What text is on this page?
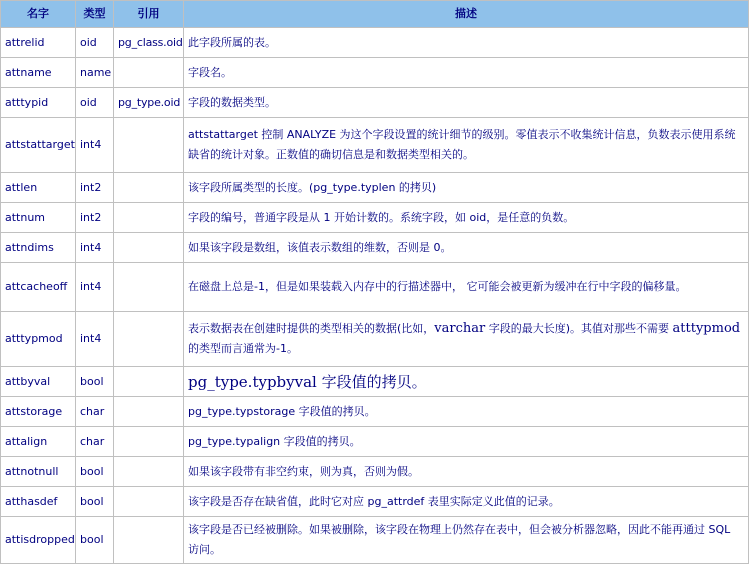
名字	类型	引用	描述
attrelid	oid	pg_class.oid	此字段所属的表。
attname	name		字段名。
atttypid	oid	pg_type.oid	字段的数据类型。
attstattarget	int4		attstattarget 控制 ANALYZE 为这个字段设置的统计细节的级别。零值表示不收集统计信息，负数表示使用系统缺省的统计对象。正数值的确切信息是和数据类型相关的。
attlen	int2		该字段所属类型的长度。(pg_type.typlen 的拷贝)
attnum	int2		字段的编号，普通字段是从 1 开始计数的。系统字段，如 oid，是任意的负数。
attndims	int4		如果该字段是数组，该值表示数组的维数，否则是 0。
attcacheoff	int4		在磁盘上总是-1，但是如果装载入内存中的行描述器中， 它可能会被更新为缓冲在行中字段的偏移量。
atttypmod	int4		表示数据表在创建时提供的类型相关的数据(比如，varchar 字段的最大长度)。其值对那些不需要 atttypmod 的类型而言通常为-1。
attbyval	bool		pg_type.typbyval 字段值的拷贝。
attstorage	char		pg_type.typstorage 字段值的拷贝。
attalign	char		pg_type.typalign 字段值的拷贝。
attnotnull	bool		如果该字段带有非空约束，则为真，否则为假。
atthasdef	bool		该字段是否存在缺省值，此时它对应 pg_attrdef 表里实际定义此值的记录。
attisdropped	bool		该字段是否已经被删除。如果被删除，该字段在物理上仍然存在表中，但会被分析器忽略，因此不能再通过 SQL 访问。
